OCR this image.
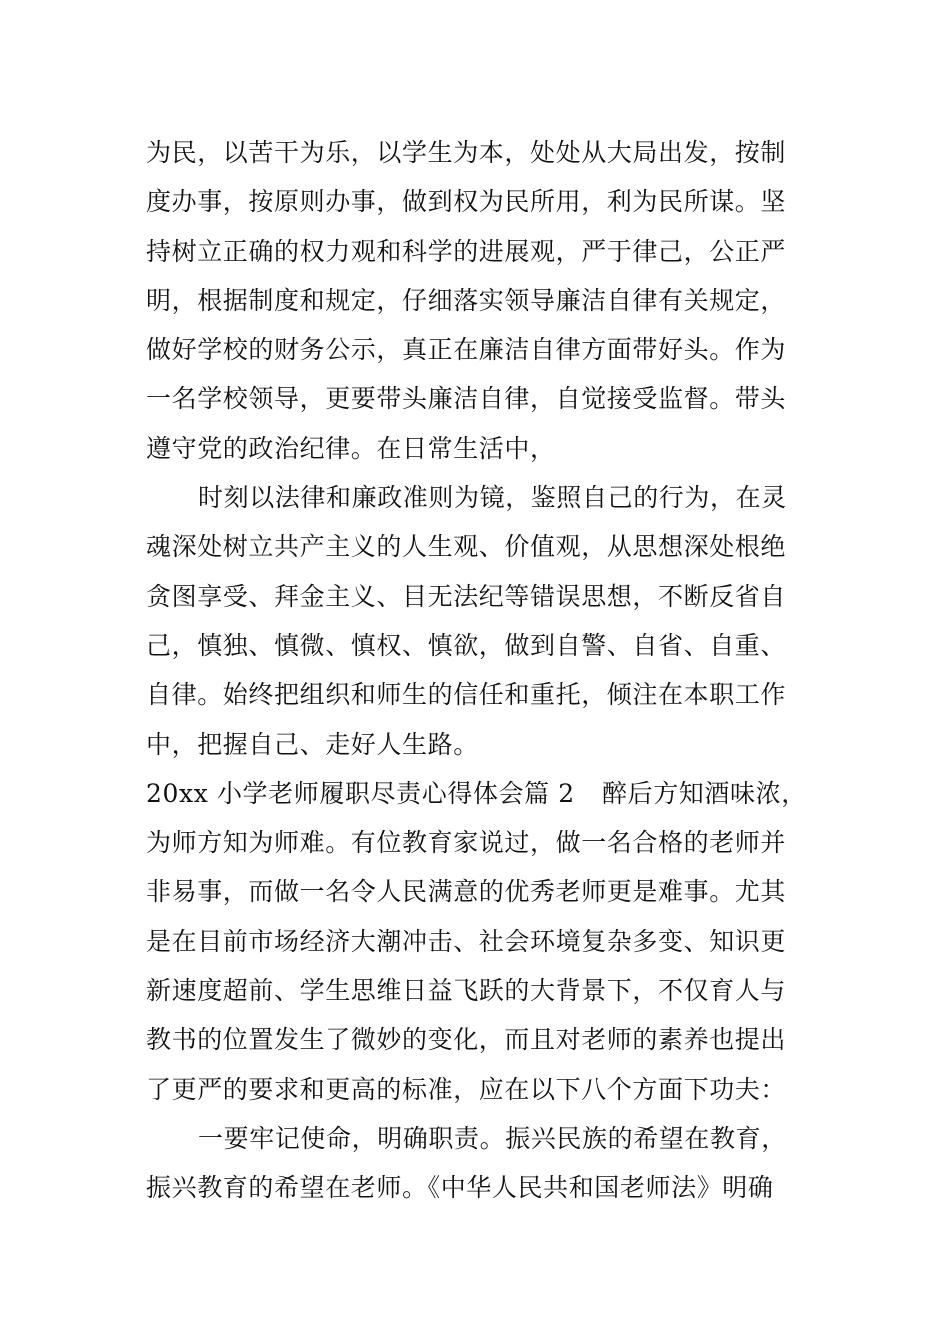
为民，以苦干为乐，以学生为本，处处从大局出发，按制
度办事，按原则办事，做到权为民所用，利为民所谋。坚
持树立正确的权力观和科学的进展观，严于律己，公正严
明，根据制度和规定，仔细落实领导廉洁自律有关规定，
做好学校的财务公示，真正在廉洁自律方面带好头。作为
一名学校领导，更要带头廉洁自律，自觉接受监督。带头
遵守党的政治纪律。在日常生活中，
时刻以法律和廉政准则为镜，鉴照自己的行为，在灵
魂深处树立共产主义的人生观、价值观，从思想深处根绝
贪图享受、拜金主义、目无法纪等错误思想，不断反省自
己，慎独、慎微、慎权、慎欲，做到自警、自省、自重、
自律。始终把组织和师生的信任和重托，倾注在本职工作
中，把握自己、走好人生路。
20xx 小学老师履职尽责心得体会篇 2 醉后方知酒味浓，
为师方知为师难。有位教育家说过，做一名合格的老师并
非易事，而做一名令人民满意的优秀老师更是难事。尤其
是在目前市场经济大潮冲击、社会环境复杂多变、知识更
新速度超前、学生思维日益飞跃的大背景下，不仅育人与
教书的位置发生了微妙的变化，而且对老师的素养也提出
了更严的要求和更高的标准，应在以下八个方面下功夫：
一要牢记使命，明确职责。振兴民族的希望在教育，
振兴教育的希望在老师。《中华人民共和国老师法》明确
